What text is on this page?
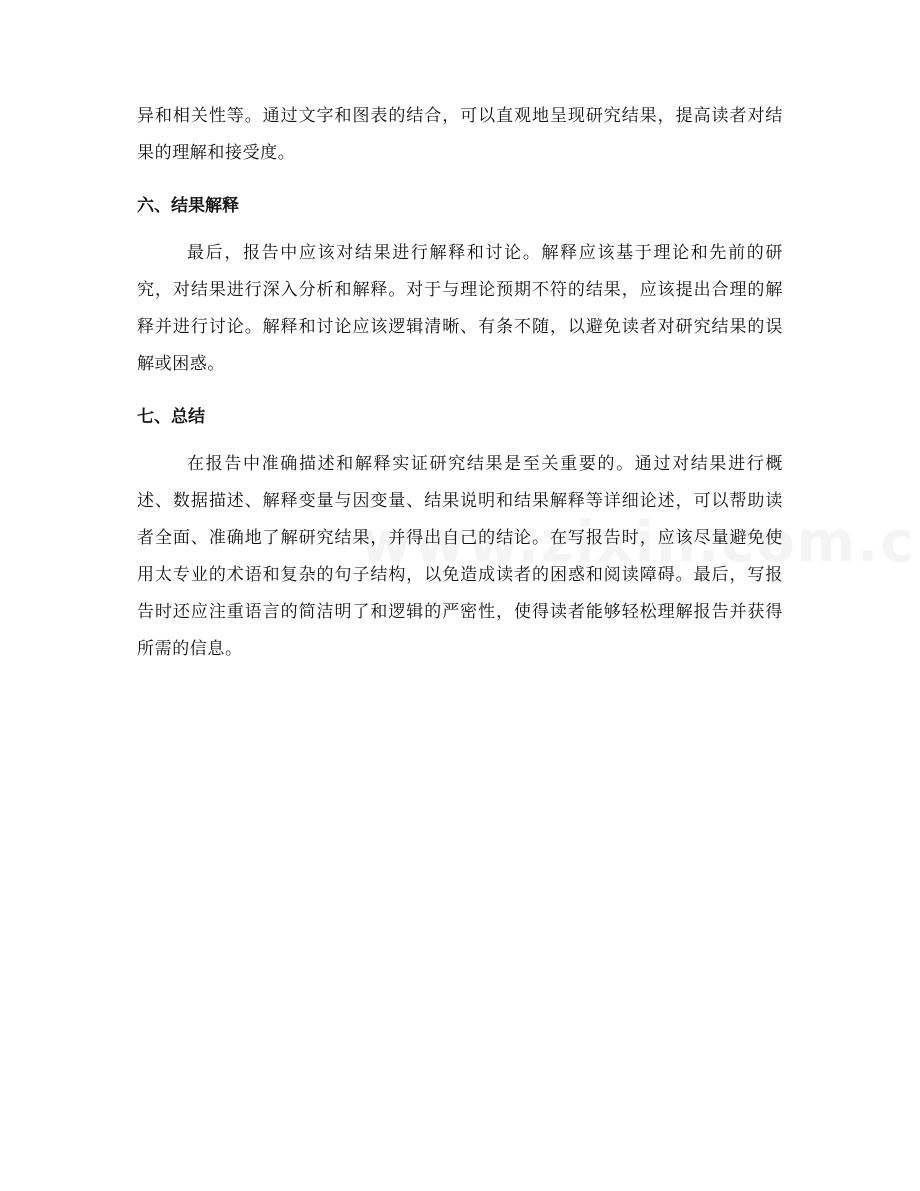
异和相关性等。通过文字和图表的结合，可以直观地呈现研究结果，提高读者对结果的理解和接受度。

六、结果解释

最后，报告中应该对结果进行解释和讨论。解释应该基于理论和先前的研究，对结果进行深入分析和解释。对于与理论预期不符的结果，应该提出合理的解释并进行讨论。解释和讨论应该逻辑清晰、有条不随，以避免读者对研究结果的误解或困惑。

七、总结

在报告中准确描述和解释实证研究结果是至关重要的。通过对结果进行概述、数据描述、解释变量与因变量、结果说明和结果解释等详细论述，可以帮助读者全面、准确地了解研究结果，并得出自己的结论。在写报告时，应该尽量避免使用太专业的术语和复杂的句子结构，以免造成读者的困惑和阅读障碍。最后，写报告时还应注重语言的简洁明了和逻辑的严密性，使得读者能够轻松理解报告并获得所需的信息。
